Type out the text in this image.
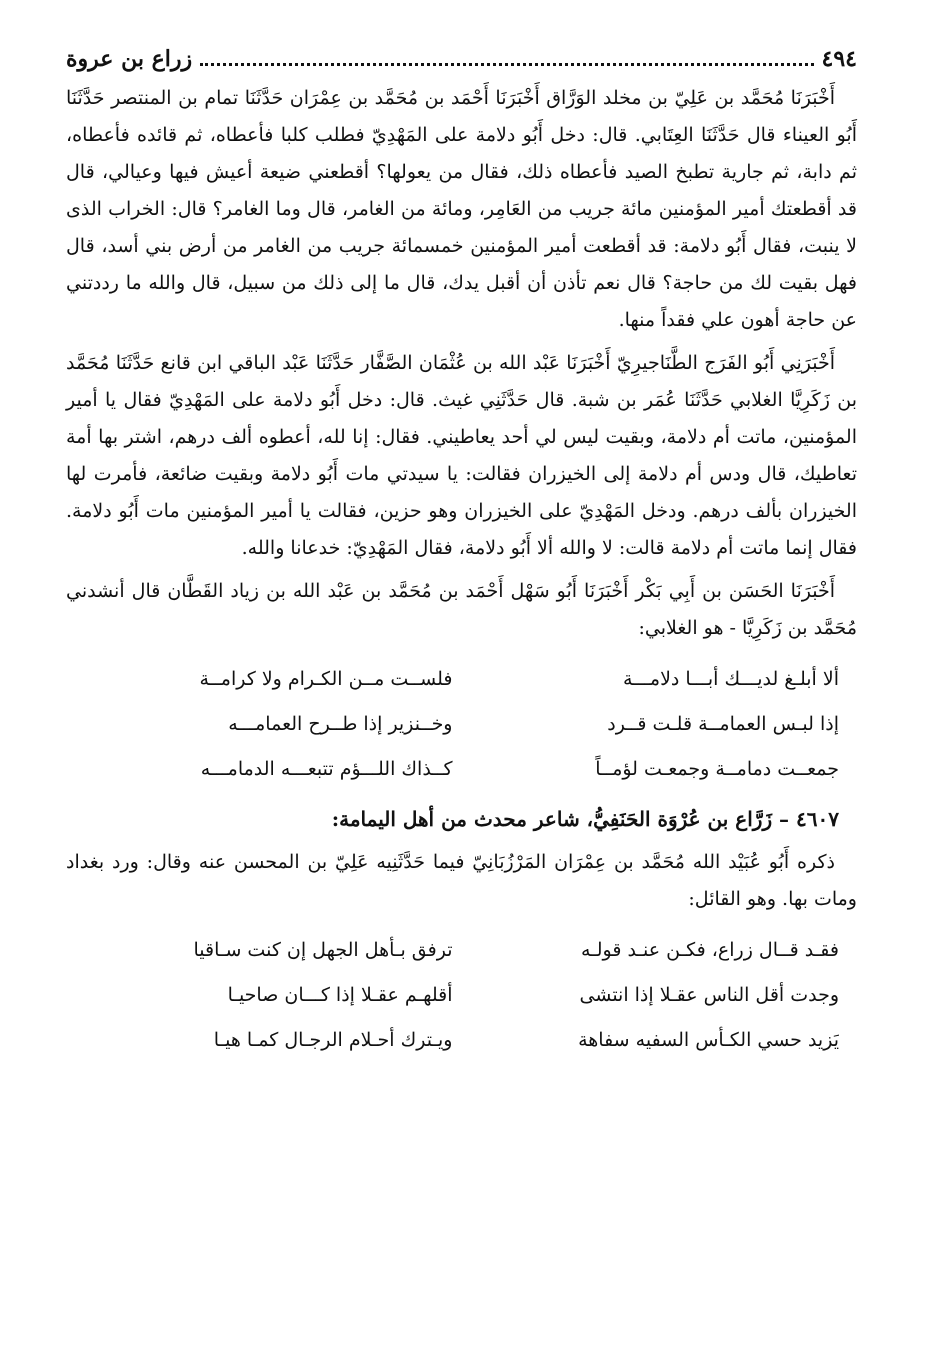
٤٩٤
زراع بن عروة

أَخْبَرَنَا مُحَمَّد بن عَلِيّ بن مخلد الوَرَّاق أَخْبَرَنَا أَحْمَد بن مُحَمَّد بن عِمْرَان حَدَّثَنَا تمام بن المنتصر حَدَّثَنَا أَبُو العيناء قال حَدَّثَنَا العِتَابي. قال: دخل أَبُو دلامة على المَهْدِيّ فطلب كلبا فأعطاه، ثم قائده فأعطاه، ثم دابة، ثم جارية تطبخ الصيد فأعطاه ذلك، فقال من يعولها؟ أقطعني ضيعة أعيش فيها وعيالي، قال قد أقطعتك أمير المؤمنين مائة جريب من العَامِر، ومائة من الغامر، قال وما الغامر؟ قال: الخراب الذى لا ينبت، فقال أَبُو دلامة: قد أقطعت أمير المؤمنين خمسمائة جريب من الغامر من أرض بني أسد، قال فهل بقيت لك من حاجة؟ قال نعم تأذن أن أقبل يدك، قال ما إلى ذلك من سبيل، قال والله ما رددتني عن حاجة أهون علي فقداً منها.

أَخْبَرَنِي أَبُو الفَرَج الطَّنَاجيرِيّ أَخْبَرَنَا عَبْد الله بن عُثْمَان الصَّفَّار حَدَّثَنَا عَبْد الباقي ابن قانع حَدَّثَنَا مُحَمَّد بن زَكَرِيَّا الغلابي حَدَّثَنَا عُمَر بن شبة. قال حَدَّثَنِي غيث. قال: دخل أَبُو دلامة على المَهْدِيّ فقال يا أمير المؤمنين، ماتت أم دلامة، وبقيت ليس لي أحد يعاطيني. فقال: إنا لله، أعطوه ألف درهم، اشتر بها أمة تعاطيك، قال ودس أم دلامة إلى الخيزران فقالت: يا سيدتي مات أَبُو دلامة وبقيت ضائعة، فأمرت لها الخيزران بألف درهم. ودخل المَهْدِيّ على الخيزران وهو حزين، فقالت يا أمير المؤمنين مات أَبُو دلامة. فقال إنما ماتت أم دلامة قالت: لا والله ألا أَبُو دلامة، فقال المَهْدِيّ: خدعانا والله.

أَخْبَرَنَا الحَسَن بن أَبِي بَكْر أَخْبَرَنَا أَبُو سَهْل أَحْمَد بن مُحَمَّد بن عَبْد الله بن زياد القَطَّان قال أنشدني مُحَمَّد بن زَكَرِيَّا - هو الغلابي:

ألا أبلـغ لديـــك أبـــا دلامـــة
فلســت مــن الكـرام ولا كرامــة
إذا لبـس العمامــة قلـت قــرد
وخــنزير إذا طــرح العمامـــه
جمعــت دمامــة وجمعـت لؤمــاً
كــذاك اللـــؤم تتبعـــه الدمامـــه
٤٦٠٧ – زَرَّاع بن عُرْوَة الحَنَفِيُّ، شاعر محدث من أهل اليمامة:

ذكره أَبُو عُبَيْد الله مُحَمَّد بن عِمْرَان المَرْزُبَانِيّ فيما حَدَّثَنِيه عَلِيّ بن المحسن عنه وقال: ورد بغداد ومات بها. وهو القائل:

فقـد قــال زراع، فكـن عنـد قولـه
ترفق بـأهل الجهل إن كنت سـاقيا
وجدت أقل الناس عقـلا إذا انتشى
أقلهـم عقـلا إذا كـــان صاحيـا
يَزيد حسي الكـأس السفيه سفاهة
ويـترك أحـلام الرجـال كمـا هيـا
